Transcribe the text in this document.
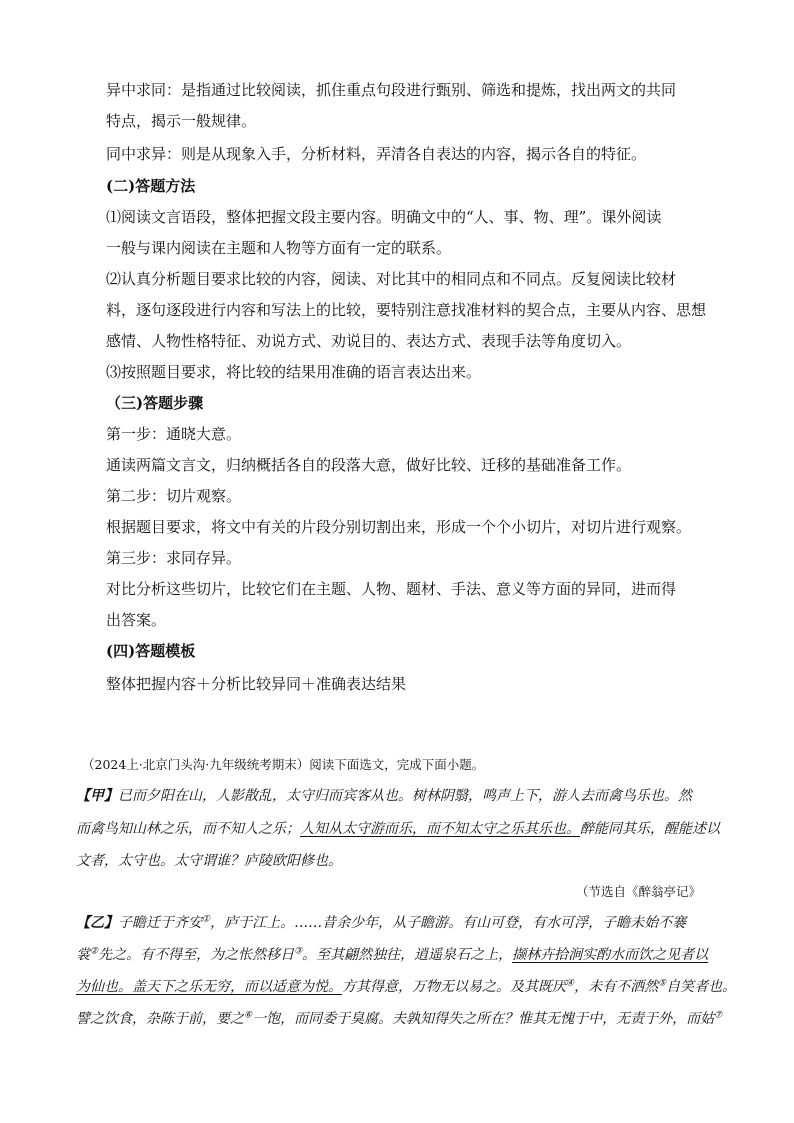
异中求同：是指通过比较阅读，抓住重点句段进行甄别、筛选和提炼，找出两文的共同
特点，揭示一般规律。
同中求异：则是从现象入手，分析材料，弄清各自表达的内容，揭示各自的特征。
(二)答题方法
⑴阅读文言语段，整体把握文段主要内容。明确文中的“人、事、物、理”。课外阅读
一般与课内阅读在主题和人物等方面有一定的联系。
⑵认真分析题目要求比较的内容，阅读、对比其中的相同点和不同点。反复阅读比较材
料，逐句逐段进行内容和写法上的比较，要特别注意找准材料的契合点，主要从内容、思想
感情、人物性格特征、劝说方式、劝说目的、表达方式、表现手法等角度切入。
⑶按照题目要求，将比较的结果用准确的语言表达出来。
（三)答题步骤
第一步：通晓大意。
通读两篇文言文，归纳概括各自的段落大意，做好比较、迁移的基础准备工作。
第二步：切片观察。
根据题目要求，将文中有关的片段分别切割出来，形成一个个小切片，对切片进行观察。
第三步：求同存异。
对比分析这些切片，比较它们在主题、人物、题材、手法、意义等方面的异同，进而得
出答案。
(四)答题模板
整体把握内容＋分析比较异同＋准确表达结果
（2024上·北京门头沟·九年级统考期末）阅读下面选文，完成下面小题。
【甲】已而夕阳在山，人影散乱，太守归而宾客从也。树林阴翳，鸣声上下，游人去而禽鸟乐也。然
而禽鸟知山林之乐，而不知人之乐；人知从太守游而乐，而不知太守之乐其乐也。醉能同其乐，醒能述以
文者，太守也。太守谓谁？庐陵欧阳修也。
（节选自《醉翁亭记》
【乙】子瞻迁于齐安①，庐于江上。……昔余少年，从子瞻游。有山可登，有水可浮，子瞻未始不褰
裳②先之。有不得至，为之怅然移日③。至其翩然独往，逍遥泉石之上，撷林卉拾涧实酌水而饮之见者以
为仙也。盖天下之乐无穷，而以适意为悦。方其得意，万物无以易之。及其既厌④，未有不洒然⑤自笑者也。
譬之饮食，杂陈于前，要之⑥一饱，而同委于臭腐。夫孰知得失之所在？惟其无愧于中，无责于外，而姑⑦
